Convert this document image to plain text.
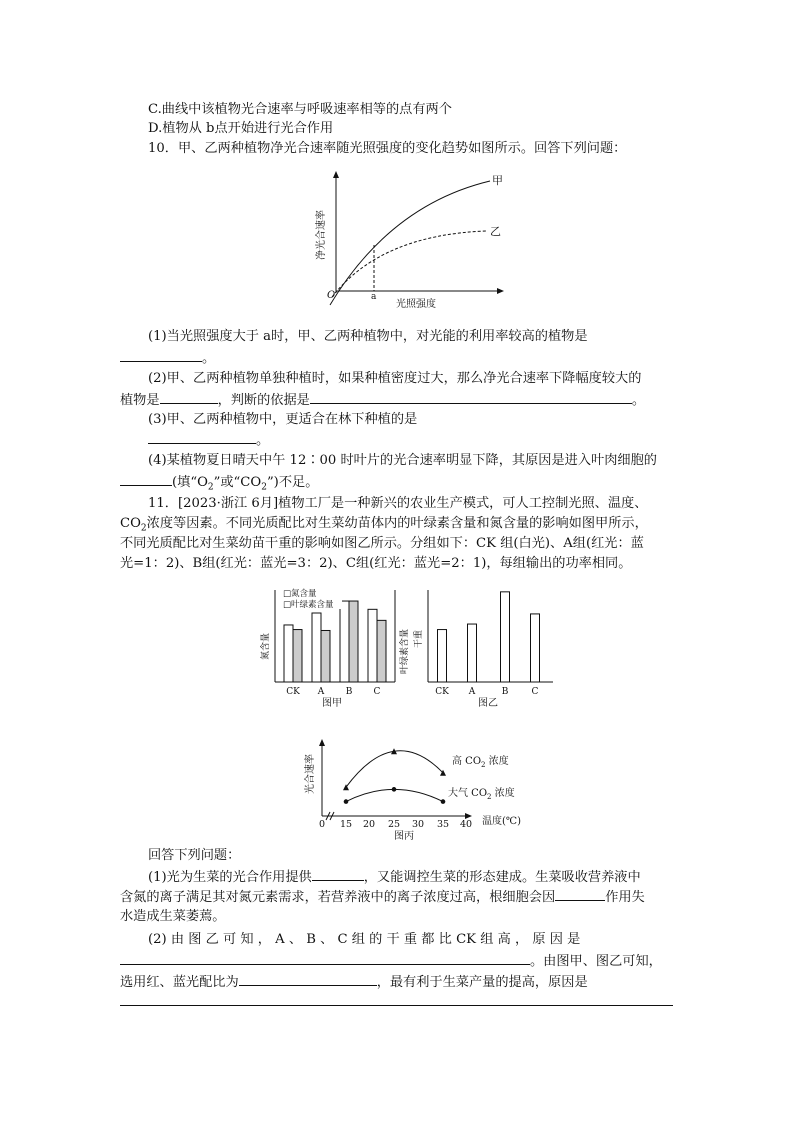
C.曲线中该植物光合速率与呼吸速率相等的点有两个
D.植物从 b点开始进行光合作用
10．甲、乙两种植物净光合速率随光照强度的变化趋势如图所示。回答下列问题：
O	a
光照强度
甲
乙
净光合速率
(1)当光照强度大于 a时，甲、乙两种植物中，对光能的利用率较高的植物是
。
(2)甲、乙两种植物单独种植时，如果种植密度过大，那么净光合速率下降幅度较大的
植物是	，判断的依据是	。
(3)甲、乙两种植物中，更适合在林下种植的是
。
(4)某植物夏日晴天中午 12∶00 时叶片的光合速率明显下降，其原因是进入叶肉细胞的
(填“$O_2$”或“$CO_2$”)不足。
11．[2023·浙江 6月]植物工厂是一种新兴的农业生产模式，可人工控制光照、温度、
$CO_2$浓度等因素。不同光质配比对生菜幼苗体内的叶绿素含量和氮含量的影响如图甲所示，
不同光质配比对生菜幼苗干重的影响如图乙所示。分组如下：CK 组(白光)、A组(红光：蓝
光=1：2)、B组(红光：蓝光=3：2)、C组(红光：蓝光=2：1)，每组输出的功率相同。
□氮含量
□叶绿素含量
氮含量	叶绿素含量
CK A B C
图甲
干重
CK A	B	C
图乙
0 15 20 25 30 35 40
光合速率
温度(℃)
高 $CO_2$ 浓度
大气 $CO_2$ 浓度
图丙
回答下列问题：
(1)光为生菜的光合作用提供	，又能调控生菜的形态建成。生菜吸收营养液中
含氮的离子满足其对氮元素需求，若营养液中的离子浓度过高，根细胞会因	作用失
水造成生菜萎蔫。
(2) 由 图 乙 可 知 ， A 、 B 、 C 组 的 干 重 都 比 CK 组 高 ， 原 因 是
。由图甲、图乙可知，
选用红、蓝光配比为	，最有利于生菜产量的提高，原因是
